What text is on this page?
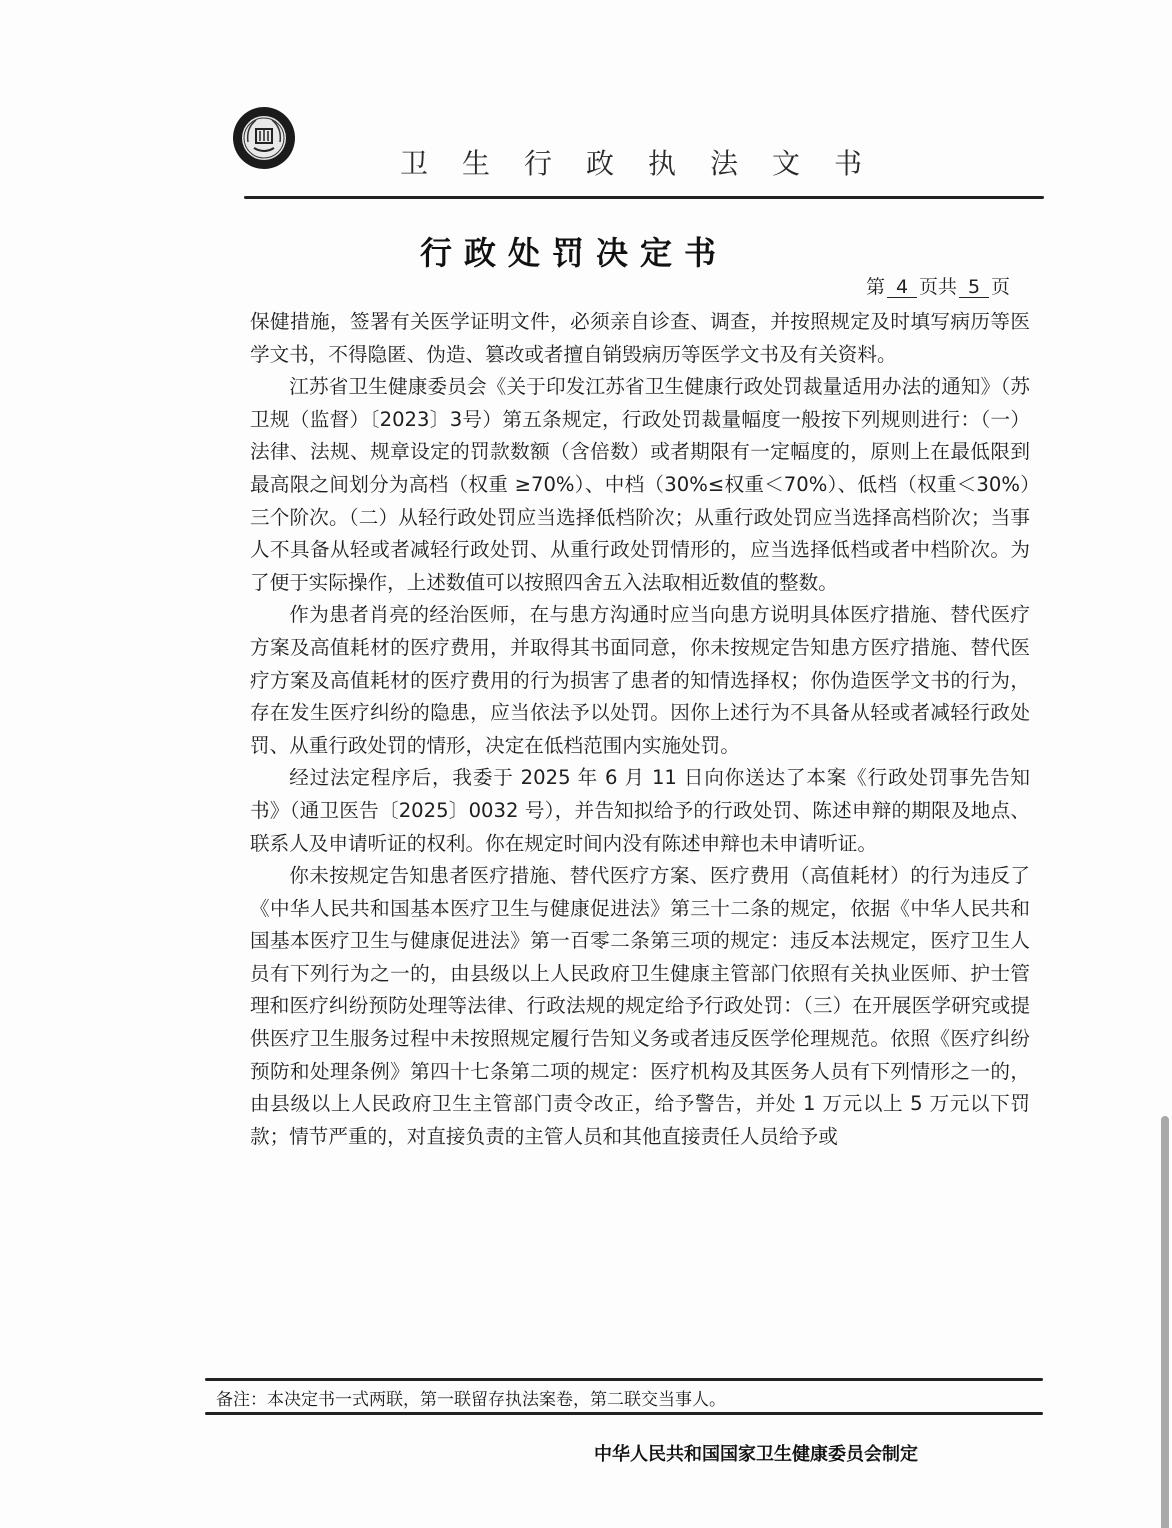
卫生行政执法文书
行政处罚决定书
第 4 页共 5 页

保健措施，签署有关医学证明文件，必须亲自诊查、调查，并按照规定及时填写病历等医学文书，不得隐匿、伪造、篡改或者擅自销毁病历等医学文书及有关资料。

江苏省卫生健康委员会《关于印发江苏省卫生健康行政处罚裁量适用办法的通知》（苏卫规（监督）〔2023〕3号）第五条规定，行政处罚裁量幅度一般按下列规则进行：（一）法律、法规、规章设定的罚款数额（含倍数）或者期限有一定幅度的，原则上在最低限到最高限之间划分为高档（权重 ≥70%）、中档（30%≤权重＜70%）、低档（权重＜30%）三个阶次。（二）从轻行政处罚应当选择低档阶次；从重行政处罚应当选择高档阶次；当事人不具备从轻或者减轻行政处罚、从重行政处罚情形的，应当选择低档或者中档阶次。为了便于实际操作，上述数值可以按照四舍五入法取相近数值的整数。

作为患者肖亮的经治医师，在与患方沟通时应当向患方说明具体医疗措施、替代医疗方案及高值耗材的医疗费用，并取得其书面同意，你未按规定告知患方医疗措施、替代医疗方案及高值耗材的医疗费用的行为损害了患者的知情选择权；你伪造医学文书的行为，存在发生医疗纠纷的隐患，应当依法予以处罚。因你上述行为不具备从轻或者减轻行政处罚、从重行政处罚的情形，决定在低档范围内实施处罚。

经过法定程序后，我委于 2025 年 6 月 11 日向你送达了本案《行政处罚事先告知书》（通卫医告〔2025〕0032 号），并告知拟给予的行政处罚、陈述申辩的期限及地点、联系人及申请听证的权利。你在规定时间内没有陈述申辩也未申请听证。

你未按规定告知患者医疗措施、替代医疗方案、医疗费用（高值耗材）的行为违反了《中华人民共和国基本医疗卫生与健康促进法》第三十二条的规定，依据《中华人民共和国基本医疗卫生与健康促进法》第一百零二条第三项的规定：违反本法规定，医疗卫生人员有下列行为之一的，由县级以上人民政府卫生健康主管部门依照有关执业医师、护士管理和医疗纠纷预防处理等法律、行政法规的规定给予行政处罚：（三）在开展医学研究或提供医疗卫生服务过程中未按照规定履行告知义务或者违反医学伦理规范。依照《医疗纠纷预防和处理条例》第四十七条第二项的规定：医疗机构及其医务人员有下列情形之一的，由县级以上人民政府卫生主管部门责令改正，给予警告，并处 1 万元以上 5 万元以下罚款；情节严重的，对直接负责的主管人员和其他直接责任人员给予或

备注：本决定书一式两联，第一联留存执法案卷，第二联交当事人。
中华人民共和国国家卫生健康委员会制定
